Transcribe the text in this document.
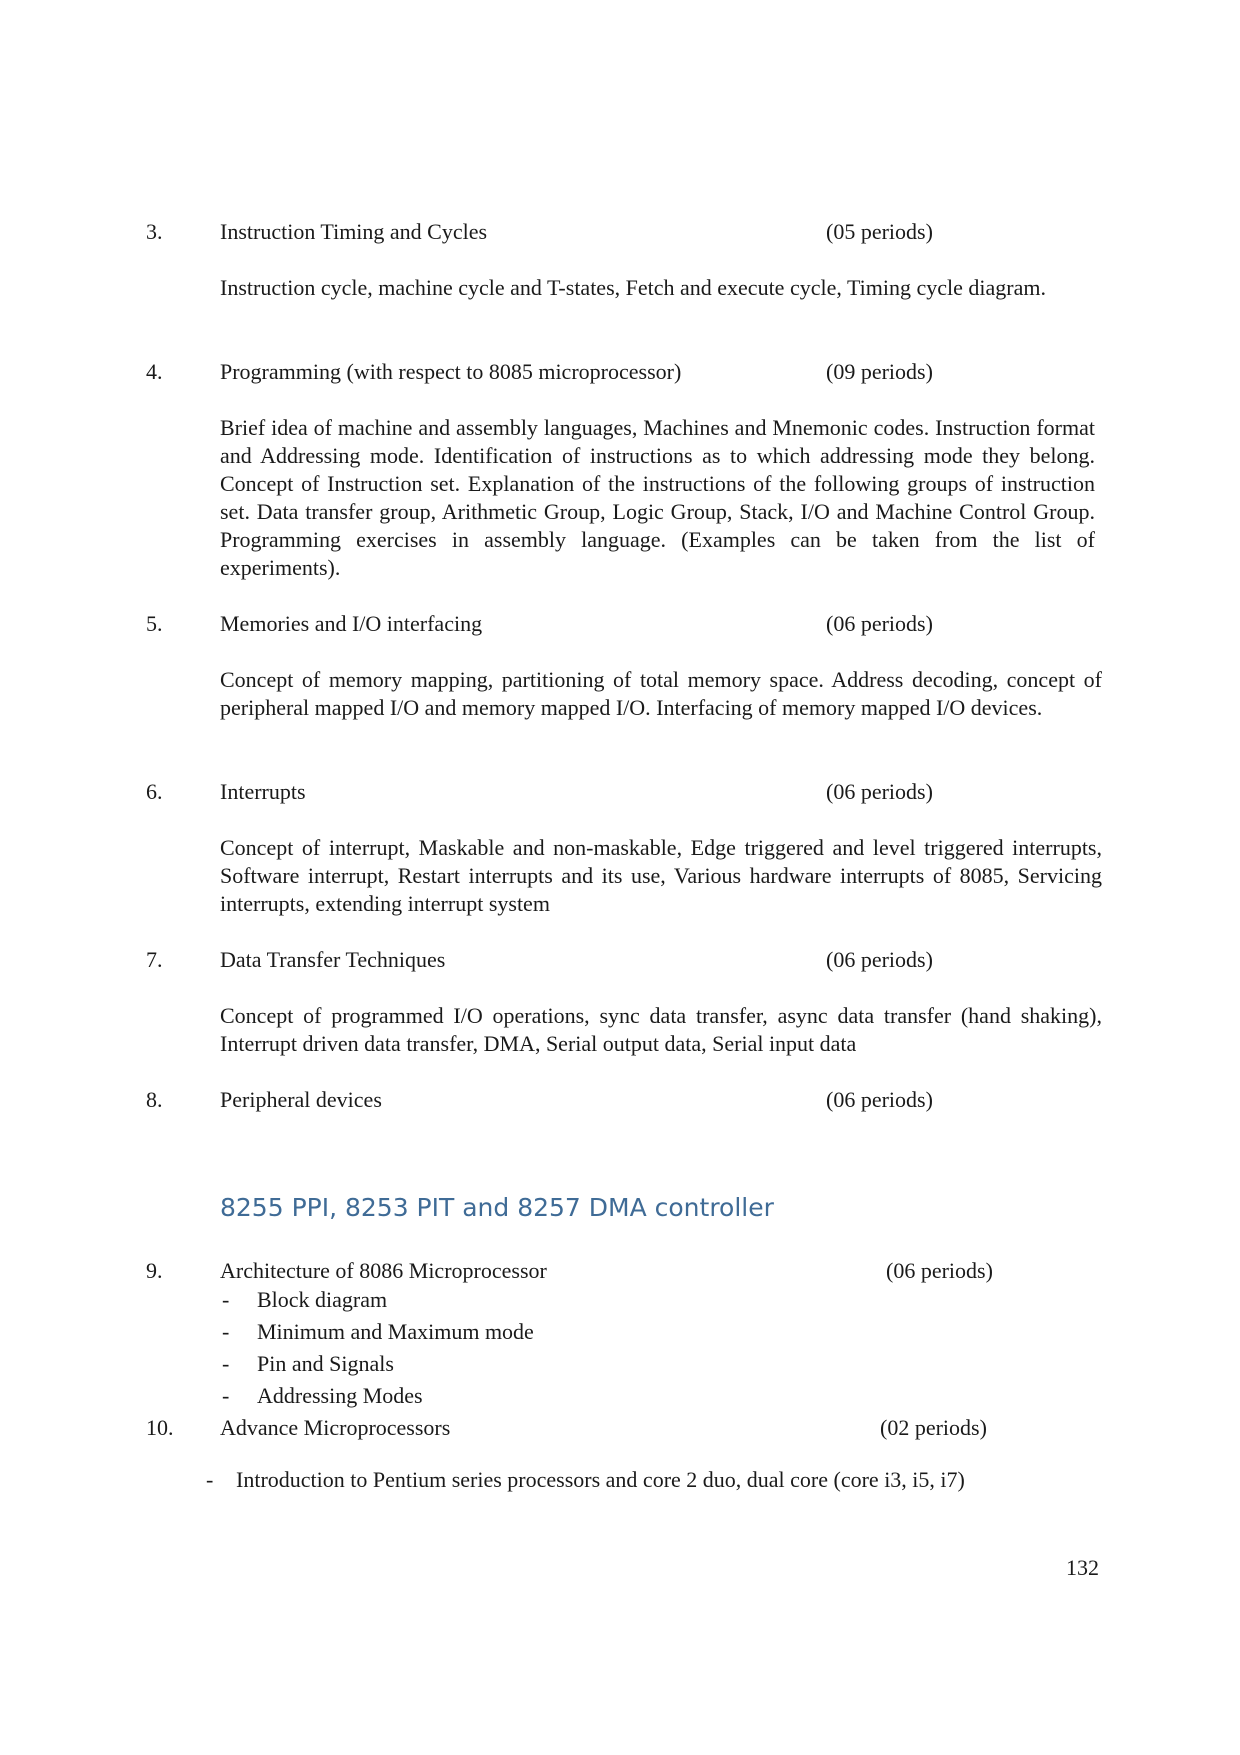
3.	Instruction Timing and Cycles	(05 periods)
Instruction cycle, machine cycle and T-states, Fetch and execute cycle, Timing cycle diagram.
4.	Programming (with respect to 8085 microprocessor)	(09 periods)
Brief idea of machine and assembly languages, Machines and Mnemonic codes. Instruction format and Addressing mode. Identification of instructions as to which addressing mode they belong. Concept of Instruction set. Explanation of the instructions of the following groups of instruction set. Data transfer group, Arithmetic Group, Logic Group, Stack, I/O and Machine Control Group. Programming exercises in assembly language. (Examples can be taken from the list of experiments).
5.	Memories and I/O interfacing	(06 periods)
Concept of memory mapping, partitioning of total memory space. Address decoding, concept of peripheral mapped I/O and memory mapped I/O. Interfacing of memory mapped I/O devices.
6.	Interrupts	(06 periods)
Concept of interrupt, Maskable and non-maskable, Edge triggered and level triggered interrupts, Software interrupt, Restart interrupts and its use, Various hardware interrupts of 8085, Servicing interrupts, extending interrupt system
7.	Data Transfer Techniques	(06 periods)
Concept of programmed I/O operations, sync data transfer, async data transfer (hand shaking), Interrupt driven data transfer, DMA, Serial output data, Serial input data
8.	Peripheral devices	(06 periods)
8255 PPI, 8253 PIT and 8257 DMA controller
9.	Architecture of 8086 Microprocessor	(06 periods)
- Block diagram
- Minimum and Maximum mode
- Pin and Signals
- Addressing Modes
10. Advance Microprocessors	(02 periods)
- Introduction to Pentium series processors and core 2 duo, dual core (core i3, i5, i7)
132
